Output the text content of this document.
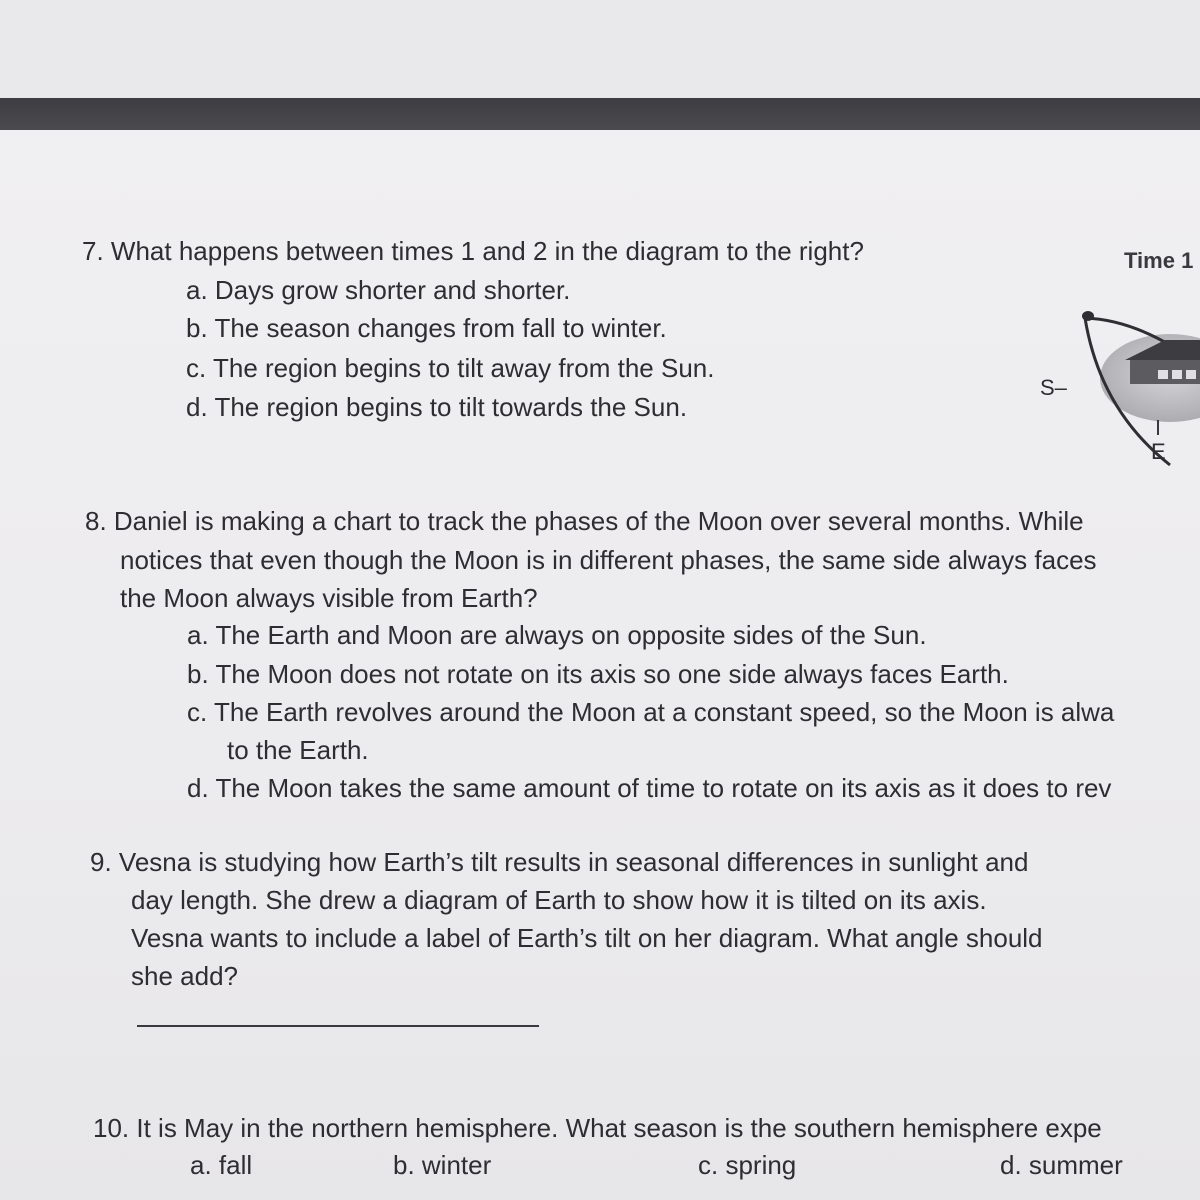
Time 1
S–
E
7. What happens between times 1 and 2 in the diagram to the right?
a. Days grow shorter and shorter.
b. The season changes from fall to winter.
c. The region begins to tilt away from the Sun.
d. The region begins to tilt towards the Sun.
8. Daniel is making a chart to track the phases of the Moon over several months. While
notices that even though the Moon is in different phases, the same side always faces
the Moon always visible from Earth?
a. The Earth and Moon are always on opposite sides of the Sun.
b. The Moon does not rotate on its axis so one side always faces Earth.
c. The Earth revolves around the Moon at a constant speed, so the Moon is alwa
to the Earth.
d. The Moon takes the same amount of time to rotate on its axis as it does to rev
9. Vesna is studying how Earth’s tilt results in seasonal differences in sunlight and
day length. She drew a diagram of Earth to show how it is tilted on its axis.
Vesna wants to include a label of Earth’s tilt on her diagram. What angle should
she add?
10. It is May in the northern hemisphere. What season is the southern hemisphere expe
a. fall	b. winter	c. spring	d. summer
